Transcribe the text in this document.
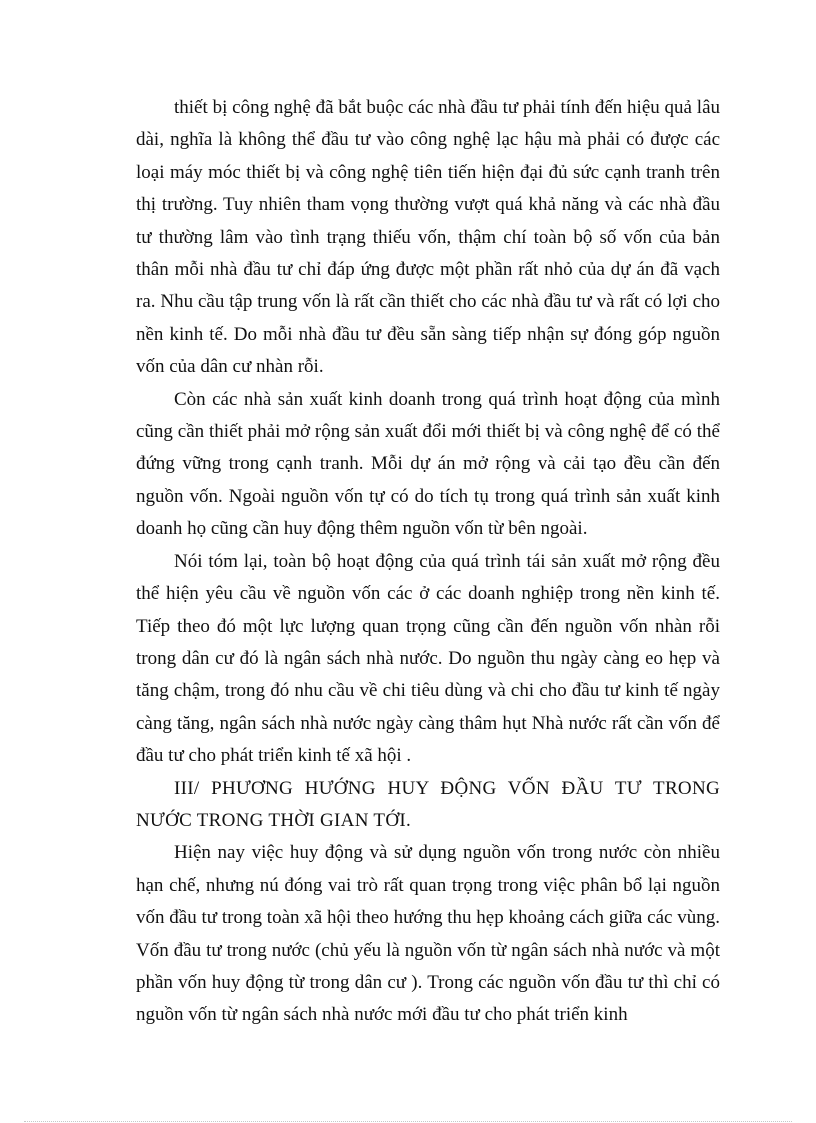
thiết bị công nghệ đã bắt buộc các nhà đầu tư phải tính đến hiệu quả lâu dài, nghĩa là không thể đầu tư vào công nghệ lạc hậu mà phải có được các loại máy móc thiết bị và công nghệ tiên tiến hiện đại đủ sức cạnh tranh trên thị trường. Tuy nhiên tham vọng thường vượt quá khả năng và các nhà đầu tư thường lâm vào tình trạng thiếu vốn, thậm chí toàn bộ số vốn của bản thân mỗi nhà đầu tư chỉ đáp ứng được một phần rất nhỏ của dự án đã vạch ra. Nhu cầu tập trung vốn là rất cần thiết cho các nhà đầu tư và rất có lợi cho nền kinh tế. Do mỗi nhà đầu tư đều sẵn sàng tiếp nhận sự đóng góp nguồn vốn của dân cư nhàn rỗi.

Còn các nhà sản xuất kinh doanh trong quá trình hoạt động của mình cũng cần thiết phải mở rộng sản xuất đổi mới thiết bị và công nghệ để có thể đứng vững trong cạnh tranh. Mỗi dự án mở rộng và cải tạo đều cần đến nguồn vốn. Ngoài nguồn vốn tự có do tích tụ trong quá trình sản xuất kinh doanh họ cũng cần huy động thêm nguồn vốn từ bên ngoài.

Nói tóm lại, toàn bộ hoạt động của quá trình tái sản xuất mở rộng đều thể hiện yêu cầu về nguồn vốn các ở các doanh nghiệp trong nền kinh tế. Tiếp theo đó một lực lượng quan trọng cũng cần đến nguồn vốn nhàn rỗi trong dân cư đó là ngân sách nhà nước. Do nguồn thu ngày càng eo hẹp và tăng chậm, trong đó nhu cầu về chi tiêu dùng và chi cho đầu tư kinh tế ngày càng tăng, ngân sách nhà nước ngày càng thâm hụt Nhà nước rất cần vốn để đầu tư cho phát triển kinh tế xã hội .

III/ PHƯƠNG HƯỚNG HUY ĐỘNG VỐN ĐẦU TƯ TRONG NƯỚC TRONG THỜI GIAN TỚI.

Hiện nay việc huy động và sử dụng nguồn vốn trong nước còn nhiều hạn chế, nhưng nú đóng vai trò rất quan trọng trong việc phân bổ lại nguồn vốn đầu tư trong toàn xã hội theo hướng thu hẹp khoảng cách giữa các vùng. Vốn đầu tư trong nước (chủ yếu là nguồn vốn từ ngân sách nhà nước và một phần vốn huy động từ trong dân cư ). Trong các nguồn vốn đầu tư thì chỉ có nguồn vốn từ ngân sách nhà nước mới đầu tư cho phát triển kinh
